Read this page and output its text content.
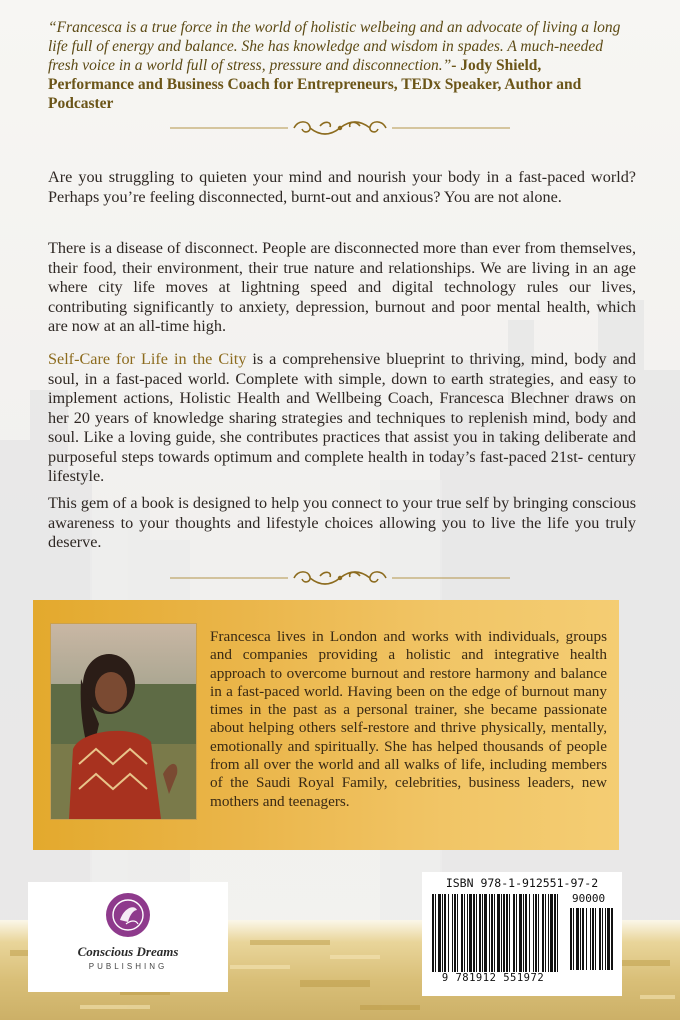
“Francesca is a true force in the world of holistic welbeing and an advocate of living a long life full of energy and balance. She has knowledge and wisdom in spades. A much-needed fresh voice in a world full of stress, pressure and disconnection.”- Jody Shield, Performance and Business Coach for Entrepreneurs, TEDx Speaker, Author and Podcaster

Are you struggling to quieten your mind and nourish your body in a fast-paced world? Perhaps you’re feeling disconnected, burnt-out and anxious? You are not alone.

There is a disease of disconnect. People are disconnected more than ever from themselves, their food, their environment, their true nature and relationships. We are living in an age where city life moves at lightning speed and digital technology rules our lives, contributing significantly to anxiety, depression, burnout and poor mental health, which are now at an all-time high.

Self-Care for Life in the City is a comprehensive blueprint to thriving, mind, body and soul, in a fast-paced world. Complete with simple, down to earth strategies, and easy to implement actions, Holistic Health and Wellbeing Coach, Francesca Blechner draws on her 20 years of knowledge sharing strategies and techniques to replenish mind, body and soul. Like a loving guide, she contributes practices that assist you in taking deliberate and purposeful steps towards optimum and complete health in today’s fast-paced 21st- century lifestyle.

This gem of a book is designed to help you connect to your true self by bringing conscious awareness to your thoughts and lifestyle choices allowing you to live the life you truly deserve.

Francesca lives in London and works with individuals, groups and companies providing a holistic and integrative health approach to overcome burnout and restore harmony and balance in a fast-paced world. Having been on the edge of burnout many times in the past as a personal trainer, she became passionate about helping others self-restore and thrive physically, mentally, emotionally and spiritually. She has helped thousands of people from all over the world and all walks of life, including members of the Saudi Royal Family, celebrities, business leaders, new mothers and teenagers.
Conscious Dreams
PUBLISHING
ISBN 978-1-912551-97-2
90000
9 781912 551972
